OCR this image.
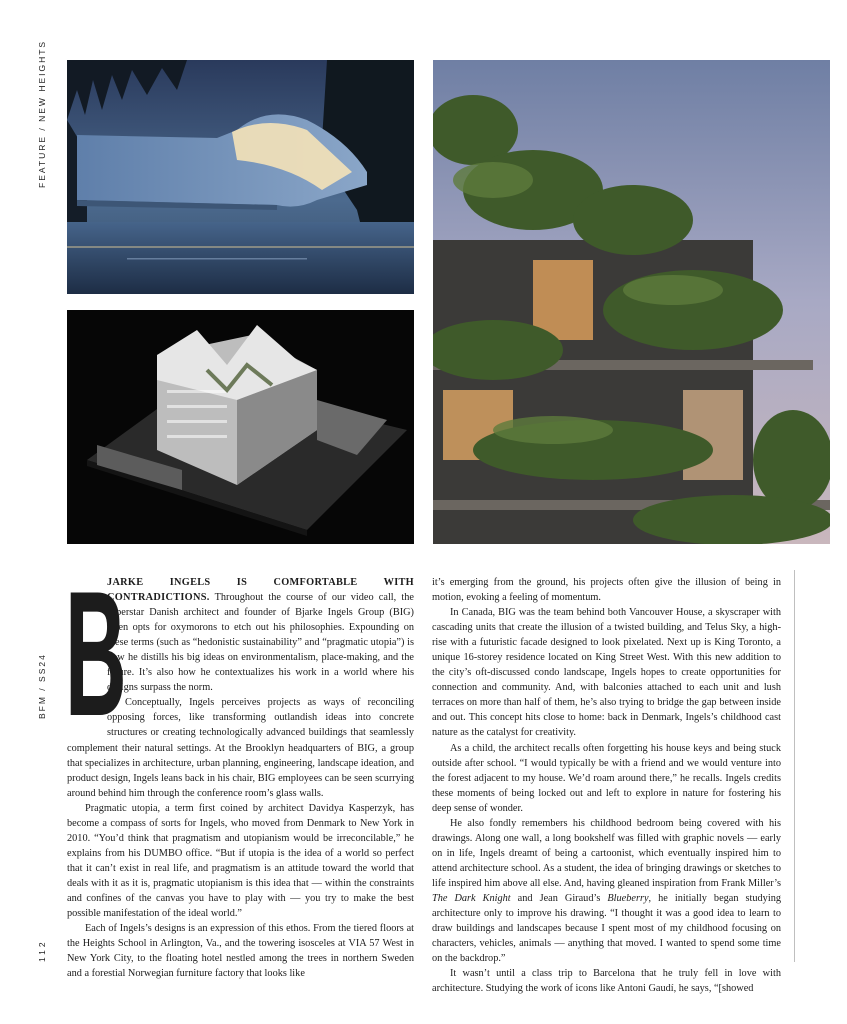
FEATURE / NEW HEIGHTS
BFM / SS24
112

B
JARKE INGELS IS COMFORTABLE WITH CONTRADICTIONS. Throughout the course of our video call, the superstar Danish architect and founder of Bjarke Ingels Group (BIG) often opts for oxymorons to etch out his philosophies. Expounding on these terms (such as “hedonistic sustainability” and “pragmatic utopia”) is how he distills his big ideas on environmentalism, place-making, and the future. It’s also how he contextualizes his work in a world where his designs surpass the norm.

Conceptually, Ingels perceives projects as ways of reconciling opposing forces, like transforming outlandish ideas into concrete structures or creating technologically advanced buildings that seamlessly complement their natural settings. At the Brooklyn headquarters of BIG, a group that specializes in architecture, urban planning, engineering, landscape ideation, and product design, Ingels leans back in his chair, BIG employees can be seen scurrying around behind him through the conference room’s glass walls.

Pragmatic utopia, a term first coined by architect Davidya Kasperzyk, has become a compass of sorts for Ingels, who moved from Denmark to New York in 2010. “You’d think that pragmatism and utopianism would be irreconcilable,” he explains from his DUMBO office. “But if utopia is the idea of a world so perfect that it can’t exist in real life, and pragmatism is an attitude toward the world that deals with it as it is, pragmatic utopianism is this idea that — within the constraints and confines of the canvas you have to play with — you try to make the best possible manifestation of the ideal world.”

Each of Ingels’s designs is an expression of this ethos. From the tiered floors at the Heights School in Arlington, Va., and the towering isosceles at VIA 57 West in New York City, to the floating hotel nestled among the trees in northern Sweden and a forestial Norwegian furniture factory that looks like

it’s emerging from the ground, his projects often give the illusion of being in motion, evoking a feeling of momentum.

In Canada, BIG was the team behind both Vancouver House, a skyscraper with cascading units that create the illusion of a twisted building, and Telus Sky, a high-rise with a futuristic facade designed to look pixelated. Next up is King Toronto, a unique 16-storey residence located on King Street West. With this new addition to the city’s oft-discussed condo landscape, Ingels hopes to create opportunities for connection and community. And, with balconies attached to each unit and lush terraces on more than half of them, he’s also trying to bridge the gap between inside and out. This concept hits close to home: back in Denmark, Ingels’s childhood cast nature as the catalyst for creativity.

As a child, the architect recalls often forgetting his house keys and being stuck outside after school. “I would typically be with a friend and we would venture into the forest adjacent to my house. We’d roam around there,” he recalls. Ingels credits these moments of being locked out and left to explore in nature for fostering his deep sense of wonder.

He also fondly remembers his childhood bedroom being covered with his drawings. Along one wall, a long bookshelf was filled with graphic novels — early on in life, Ingels dreamt of being a cartoonist, which eventually inspired him to attend architecture school. As a student, the idea of bringing drawings or sketches to life inspired him above all else. And, having gleaned inspiration from Frank Miller’s The Dark Knight and Jean Giraud’s Blueberry, he initially began studying architecture only to improve his drawing. “I thought it was a good idea to learn to draw buildings and landscapes because I spent most of my childhood focusing on characters, vehicles, animals — anything that moved. I wanted to spend some time on the backdrop.”

It wasn’t until a class trip to Barcelona that he truly fell in love with architecture. Studying the work of icons like Antoni Gaudí, he says, “[showed
